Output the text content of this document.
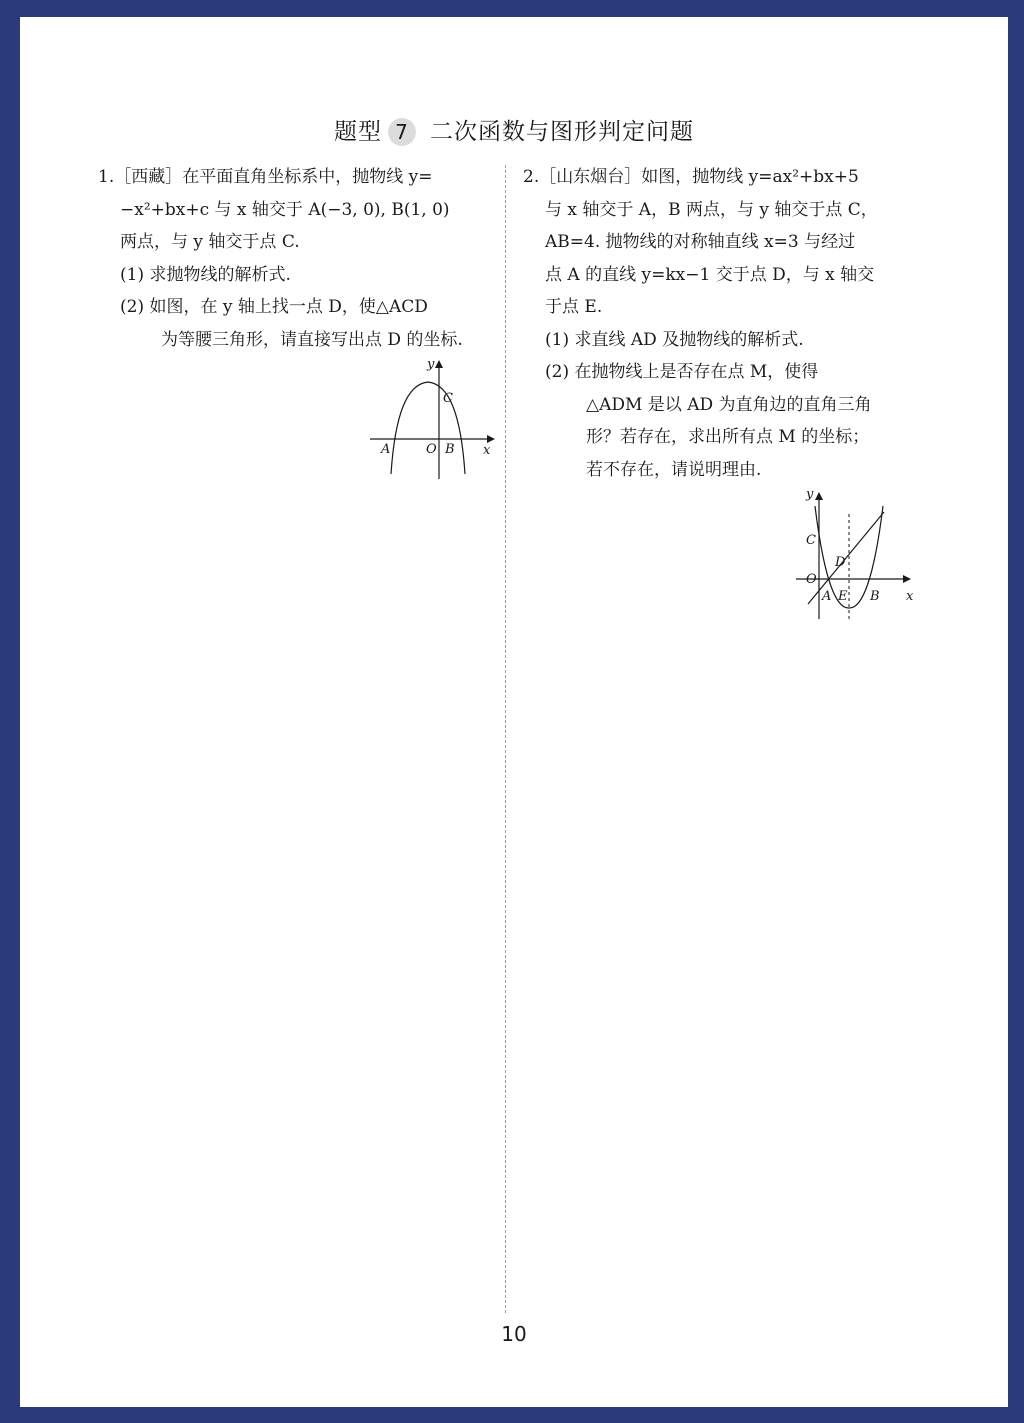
题型 7 二次函数与图形判定问题
1.［西藏］在平面直角坐标系中，抛物线 y=
−x²+bx+c 与 x 轴交于 A(−3, 0), B(1, 0)
两点，与 y 轴交于点 C.
(1) 求抛物线的解析式.
(2) 如图，在 y 轴上找一点 D，使△ACD
为等腰三角形，请直接写出点 D 的坐标.
y
x
C
A	O B
2.［山东烟台］如图，抛物线 y=ax²+bx+5
与 x 轴交于 A，B 两点，与 y 轴交于点 C，
AB=4. 抛物线的对称轴直线 x=3 与经过
点 A 的直线 y=kx−1 交于点 D，与 x 轴交
于点 E.
(1) 求直线 AD 及抛物线的解析式.
(2) 在抛物线上是否存在点 M，使得
△ADM 是以 AD 为直角边的直角三角
形？若存在，求出所有点 M 的坐标；
若不存在，请说明理由.
y
x
C
D
O
A E B
10
